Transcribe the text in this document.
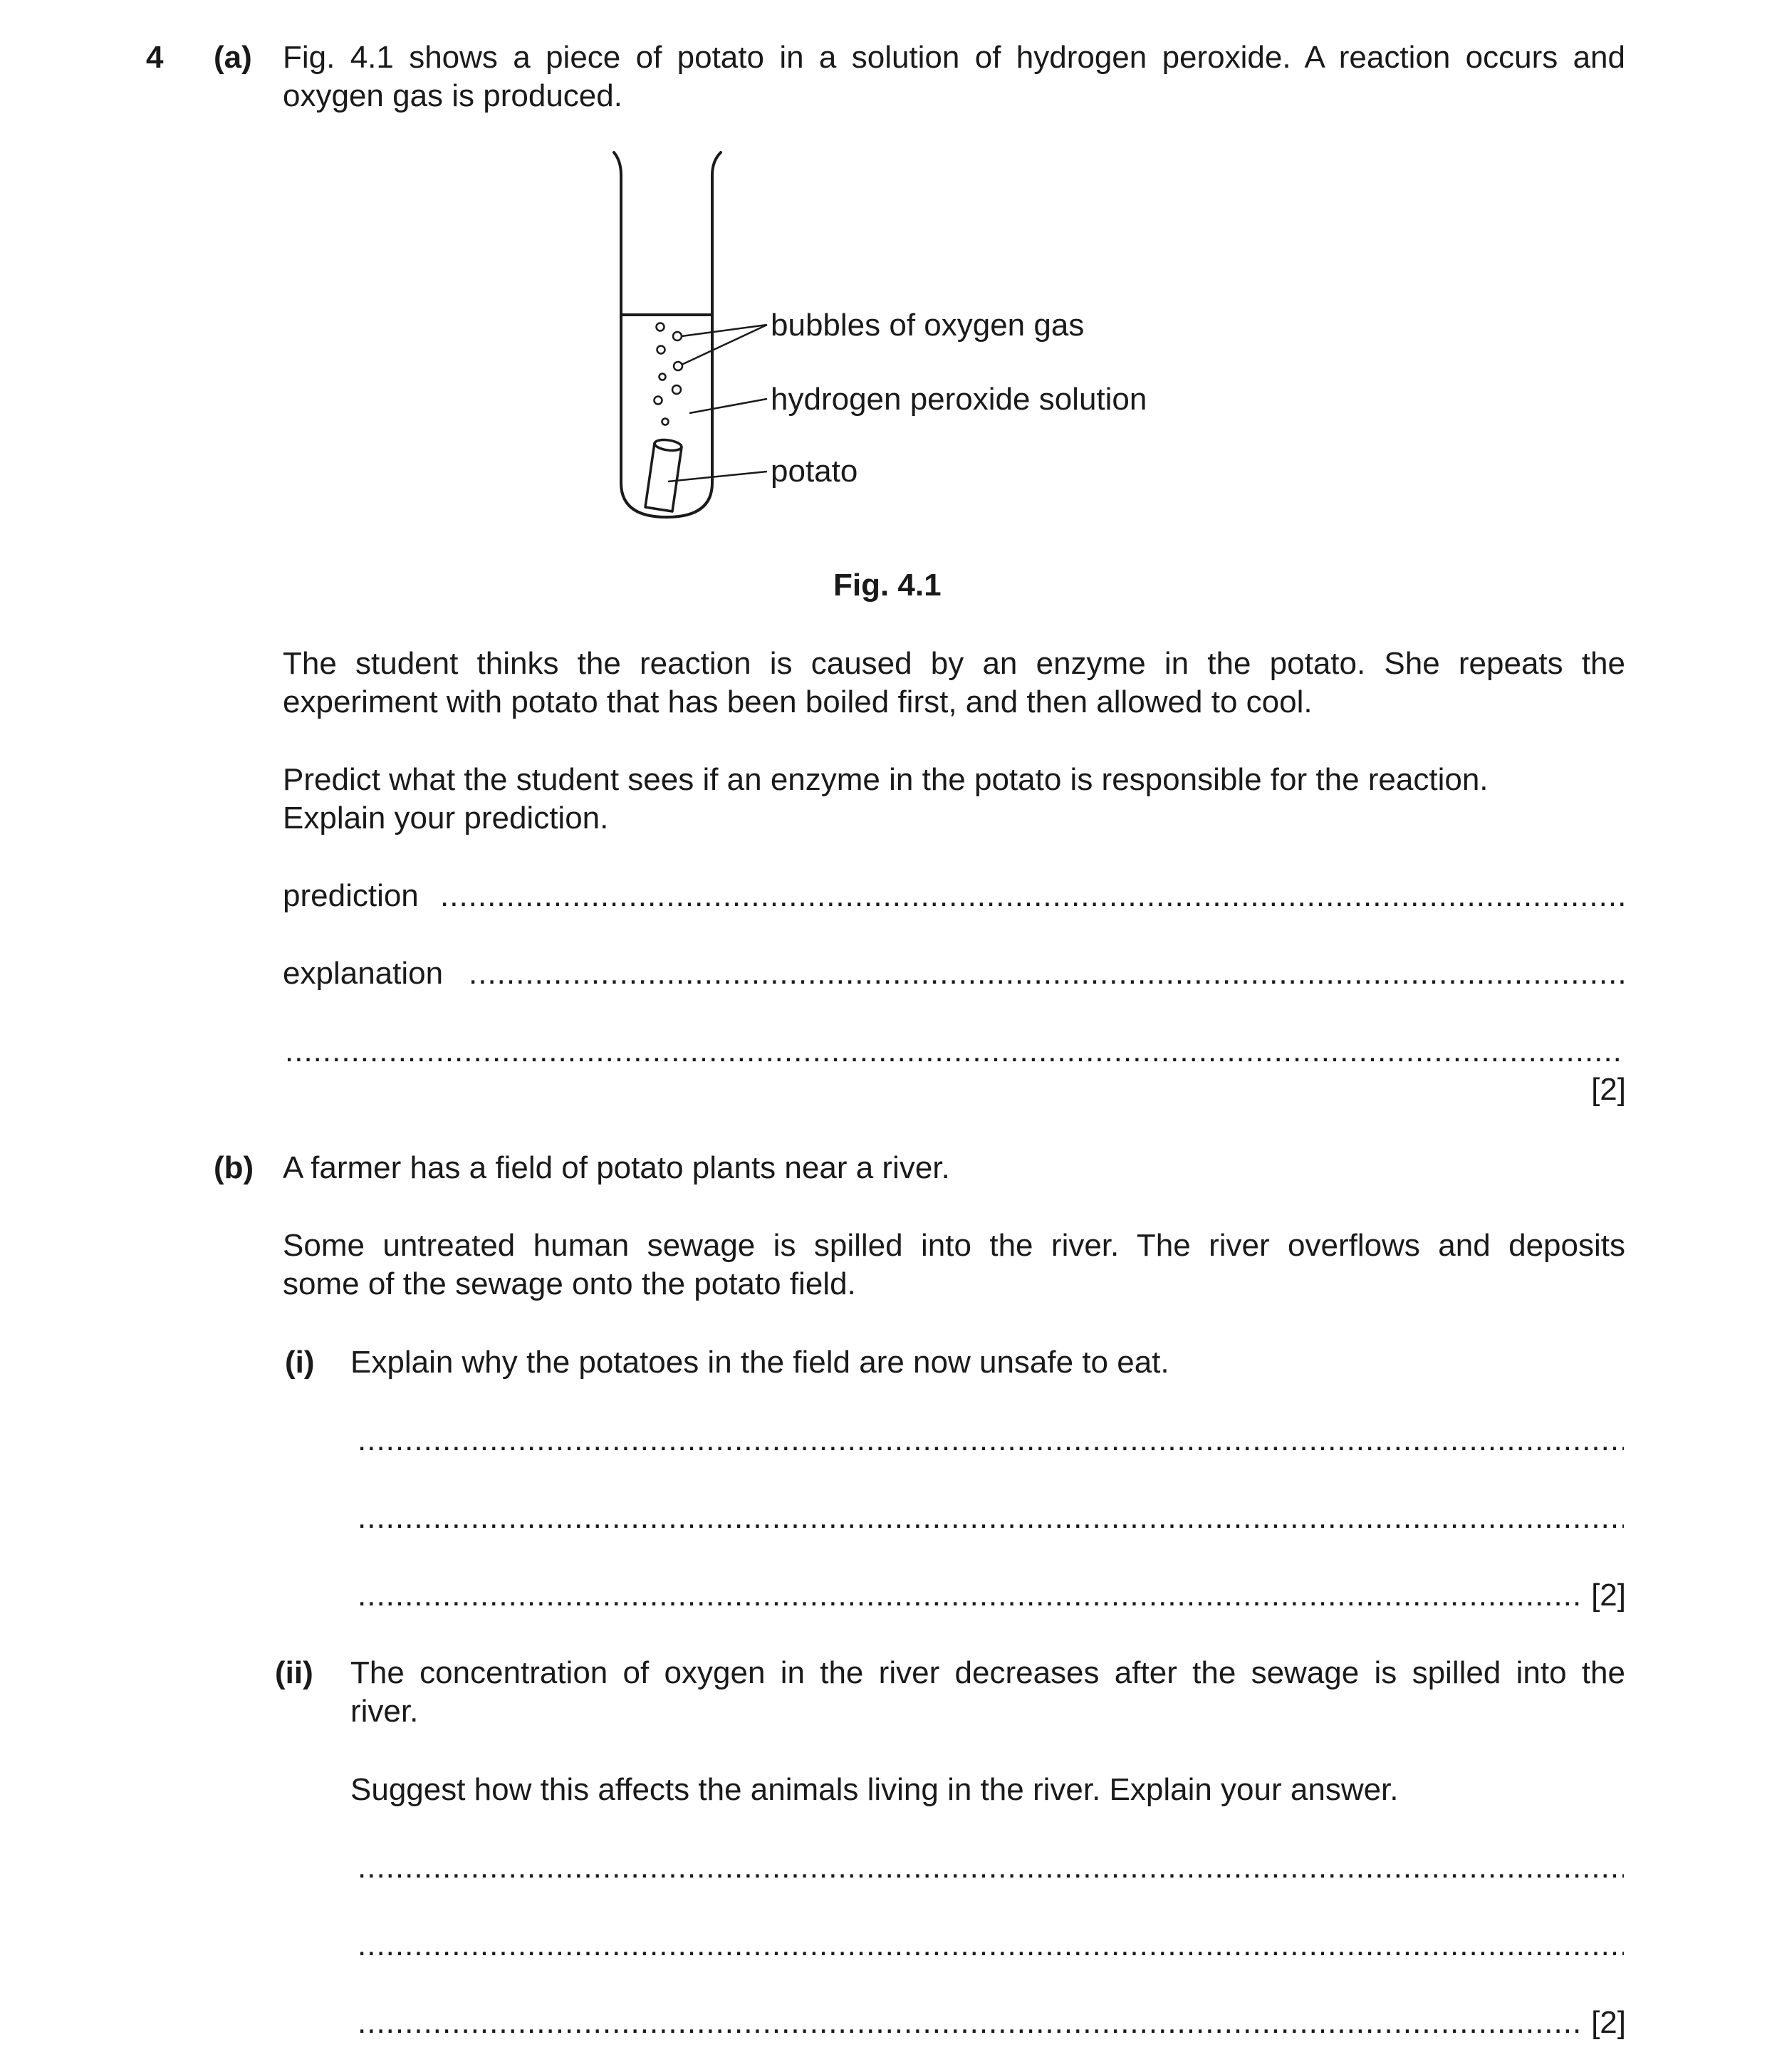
4 (a) Fig. 4.1 shows a piece of potato in a solution of hydrogen peroxide. A reaction occurs and
oxygen gas is produced.
bubbles of oxygen gas
hydrogen peroxide solution
potato
Fig. 4.1
The student thinks the reaction is caused by an enzyme in the potato. She repeats the
experiment with potato that has been boiled first, and then allowed to cool.
Predict what the student sees if an enzyme in the potato is responsible for the reaction.
Explain your prediction.
prediction
.....
explanation
.....
.....
[2]
(b) A farmer has a field of potato plants near a river.
Some untreated human sewage is spilled into the river. The river overflows and deposits
some of the sewage onto the potato field.
(i) Explain why the potatoes in the field are now unsafe to eat.
.....
.....
.....
[2]
(ii) The concentration of oxygen in the river decreases after the sewage is spilled into the
river.
Suggest how this affects the animals living in the river. Explain your answer.
.....
.....
.....
[2]
